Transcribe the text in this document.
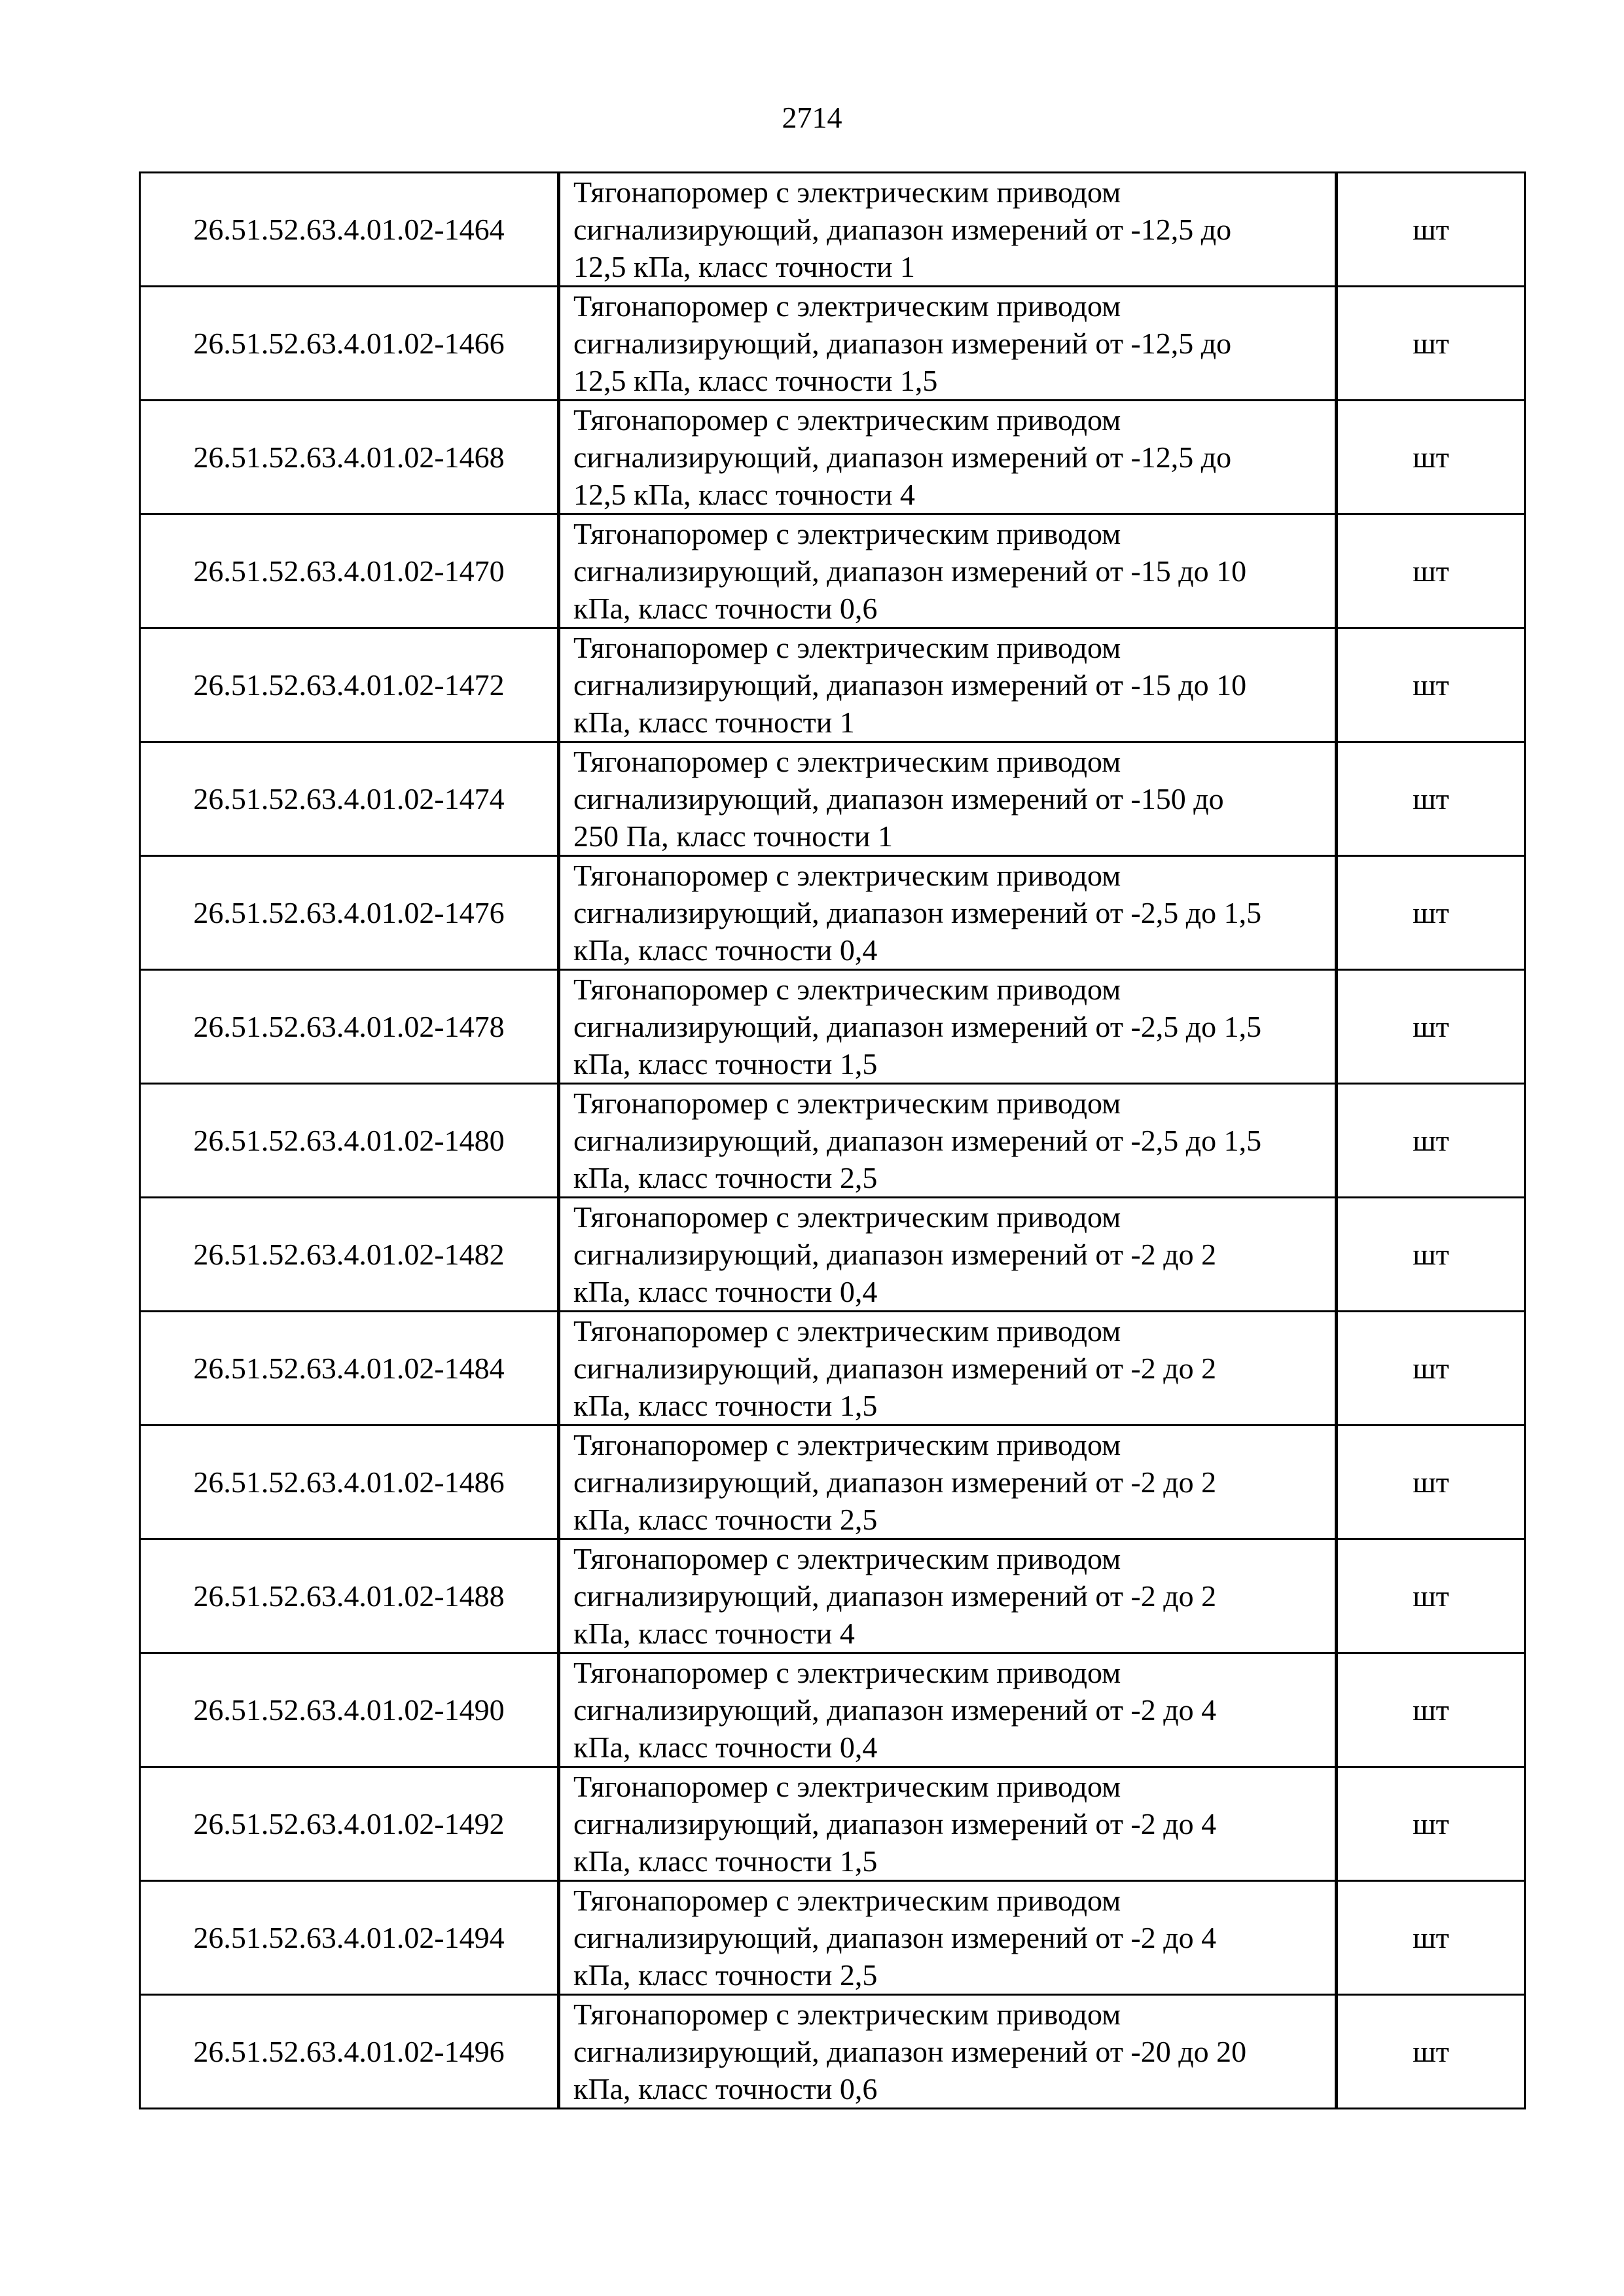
2714
26.51.52.63.4.01.02-1464	Тягонапоромер с электрическим приводом
сигнализирующий, диапазон измерений от -12,5 до
12,5 кПа, класс точности 1	шт
26.51.52.63.4.01.02-1466	Тягонапоромер с электрическим приводом
сигнализирующий, диапазон измерений от -12,5 до
12,5 кПа, класс точности 1,5	шт
26.51.52.63.4.01.02-1468	Тягонапоромер с электрическим приводом
сигнализирующий, диапазон измерений от -12,5 до
12,5 кПа, класс точности 4	шт
26.51.52.63.4.01.02-1470	Тягонапоромер с электрическим приводом
сигнализирующий, диапазон измерений от -15 до 10
кПа, класс точности 0,6	шт
26.51.52.63.4.01.02-1472	Тягонапоромер с электрическим приводом
сигнализирующий, диапазон измерений от -15 до 10
кПа, класс точности 1	шт
26.51.52.63.4.01.02-1474	Тягонапоромер с электрическим приводом
сигнализирующий, диапазон измерений от -150 до
250 Па, класс точности 1	шт
26.51.52.63.4.01.02-1476	Тягонапоромер с электрическим приводом
сигнализирующий, диапазон измерений от -2,5 до 1,5
кПа, класс точности 0,4	шт
26.51.52.63.4.01.02-1478	Тягонапоромер с электрическим приводом
сигнализирующий, диапазон измерений от -2,5 до 1,5
кПа, класс точности 1,5	шт
26.51.52.63.4.01.02-1480	Тягонапоромер с электрическим приводом
сигнализирующий, диапазон измерений от -2,5 до 1,5
кПа, класс точности 2,5	шт
26.51.52.63.4.01.02-1482	Тягонапоромер с электрическим приводом
сигнализирующий, диапазон измерений от -2 до 2
кПа, класс точности 0,4	шт
26.51.52.63.4.01.02-1484	Тягонапоромер с электрическим приводом
сигнализирующий, диапазон измерений от -2 до 2
кПа, класс точности 1,5	шт
26.51.52.63.4.01.02-1486	Тягонапоромер с электрическим приводом
сигнализирующий, диапазон измерений от -2 до 2
кПа, класс точности 2,5	шт
26.51.52.63.4.01.02-1488	Тягонапоромер с электрическим приводом
сигнализирующий, диапазон измерений от -2 до 2
кПа, класс точности 4	шт
26.51.52.63.4.01.02-1490	Тягонапоромер с электрическим приводом
сигнализирующий, диапазон измерений от -2 до 4
кПа, класс точности 0,4	шт
26.51.52.63.4.01.02-1492	Тягонапоромер с электрическим приводом
сигнализирующий, диапазон измерений от -2 до 4
кПа, класс точности 1,5	шт
26.51.52.63.4.01.02-1494	Тягонапоромер с электрическим приводом
сигнализирующий, диапазон измерений от -2 до 4
кПа, класс точности 2,5	шт
26.51.52.63.4.01.02-1496	Тягонапоромер с электрическим приводом
сигнализирующий, диапазон измерений от -20 до 20
кПа, класс точности 0,6	шт
